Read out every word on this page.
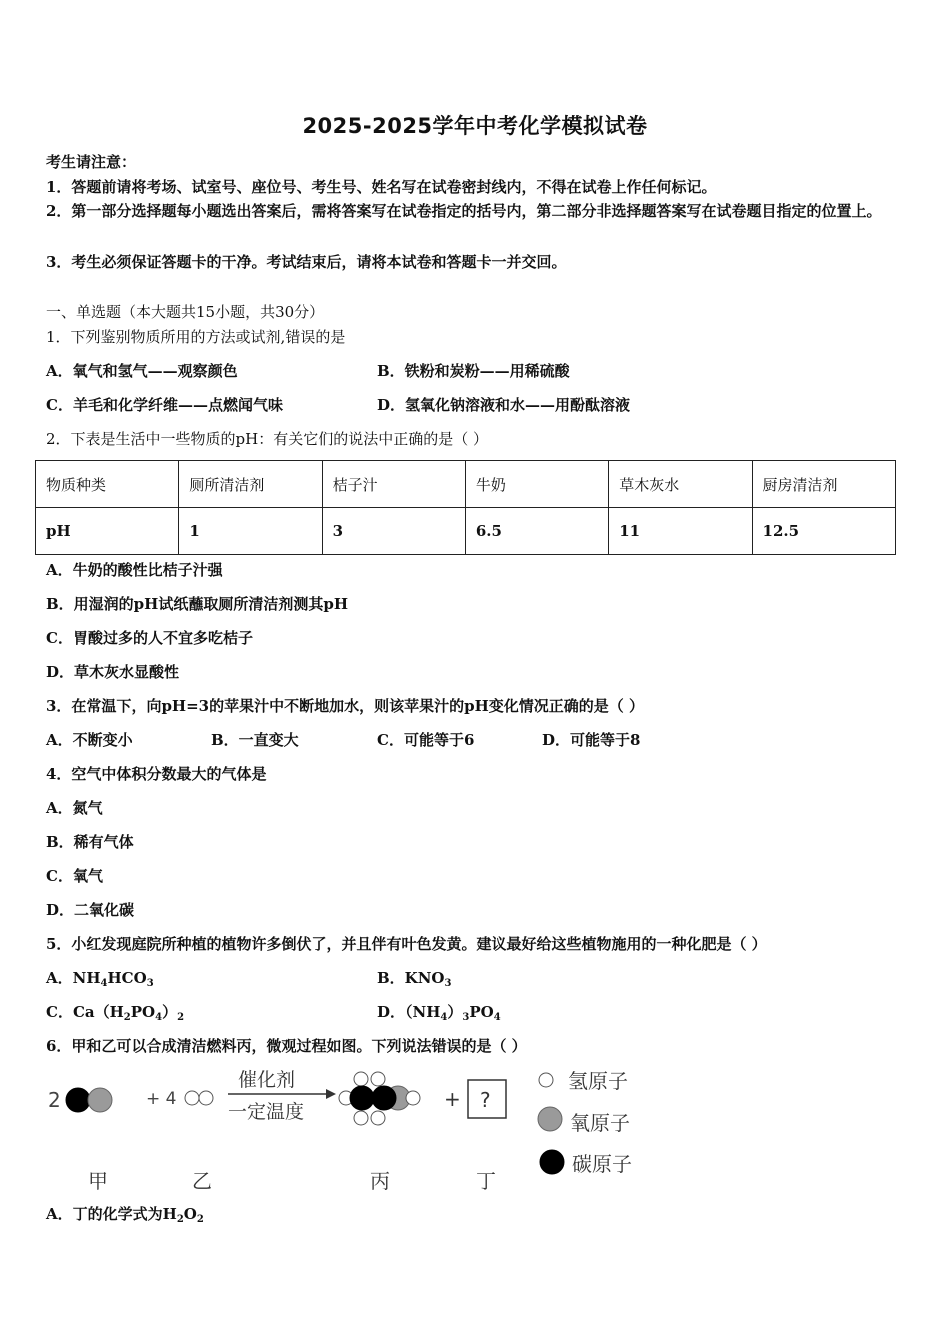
2025-2025学年中考化学模拟试卷
考生请注意：
1．答题前请将考场、试室号、座位号、考生号、姓名写在试卷密封线内，不得在试卷上作任何标记。
2．第一部分选择题每小题选出答案后，需将答案写在试卷指定的括号内，第二部分非选择题答案写在试卷题目指定的位置上。
3．考生必须保证答题卡的干净。考试结束后，请将本试卷和答题卡一并交回。
一、单选题（本大题共15小题，共30分）
1．下列鉴别物质所用的方法或试剂,错误的是
A．氧气和氢气——观察颜色	B．铁粉和炭粉——用稀硫酸
C．羊毛和化学纤维——点燃闻气味	D．氢氧化钠溶液和水——用酚酞溶液
2．下表是生活中一些物质的pH：有关它们的说法中正确的是（ ）
物质种类	厕所清洁剂	桔子汁	牛奶	草木灰水	厨房清洁剂
pH	1	3	6.5	11	12.5
A．牛奶的酸性比桔子汁强
B．用湿润的pH试纸蘸取厕所清洁剂测其pH
C．胃酸过多的人不宜多吃桔子
D．草木灰水显酸性
3．在常温下，向pH=3的苹果汁中不断地加水，则该苹果汁的pH变化情况正确的是（ ）
A．不断变小	B．一直变大	C．可能等于6	D．可能等于8
4．空气中体积分数最大的气体是
A．氮气
B．稀有气体
C．氧气
D．二氧化碳
5．小红发现庭院所种植的植物许多倒伏了，并且伴有叶色发黄。建议最好给这些植物施用的一种化肥是（ ）
A．$NH_4HCO_3$	B．$KNO_3$
C．$Ca(H_2PO_4)_2$	D．$(NH_4)_3PO_4$
6．甲和乙可以合成清洁燃料丙，微观过程如图。下列说法错误的是（ ）
2	+ 4
催化剂
一定温度
+ ?
甲	乙	丙	丁
氢原子
氧原子
碳原子
A．丁的化学式为$H_2O_2$
